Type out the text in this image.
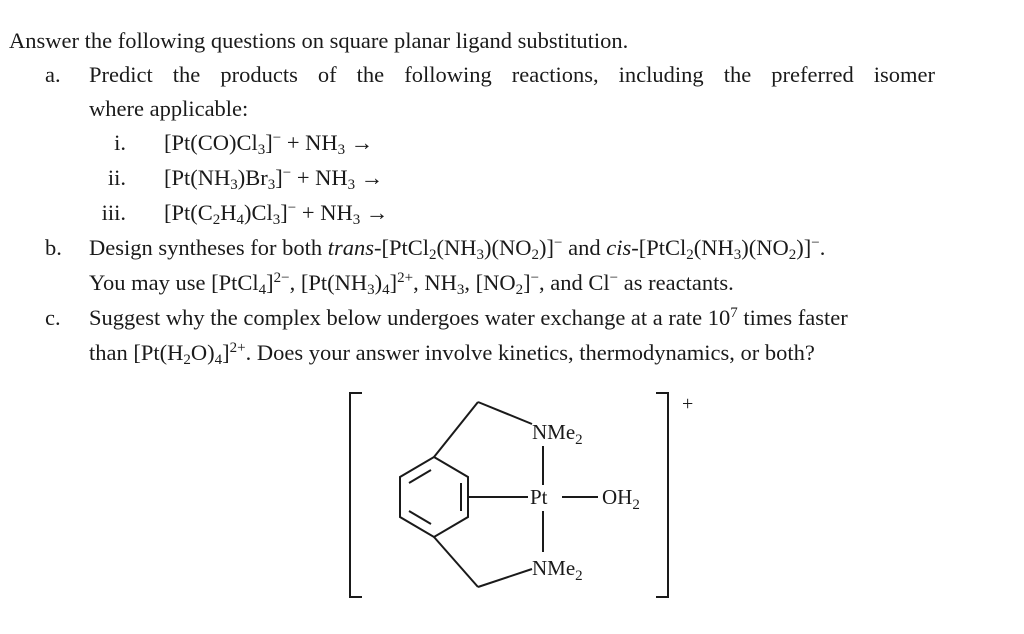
Answer the following questions on square planar ligand substitution.
a. Predict the products of the following reactions, including the preferred isomer
where applicable:
i.
ii.
iii.
$[Pt(CO)Cl_3]^- + NH_3$ →
$[Pt(NH_3)Br_3]^- + NH_3$ →
$[Pt(C_2H_4)Cl_3]^- + NH_3$ →
b. Design syntheses for both trans-$[PtCl_2(NH_3)(NO_2)]^-$ and cis-$[PtCl_2(NH_3)(NO_2)]^-$.
You may use [PtCl$_4$]$^{2-}$, $[Pt(NH_3)_4]^{2+}$, $NH_3$, $[NO_2]^-$, and Cl− as reactants.
c. Suggest why the complex below undergoes water exchange at a rate $10^7$ times faster
than $[Pt(H_2O)_4]^{2+}$. Does your answer involve kinetics, thermodynamics, or both?
+
NMe$_2$
Pt	$OH_2$
NMe$_2$
